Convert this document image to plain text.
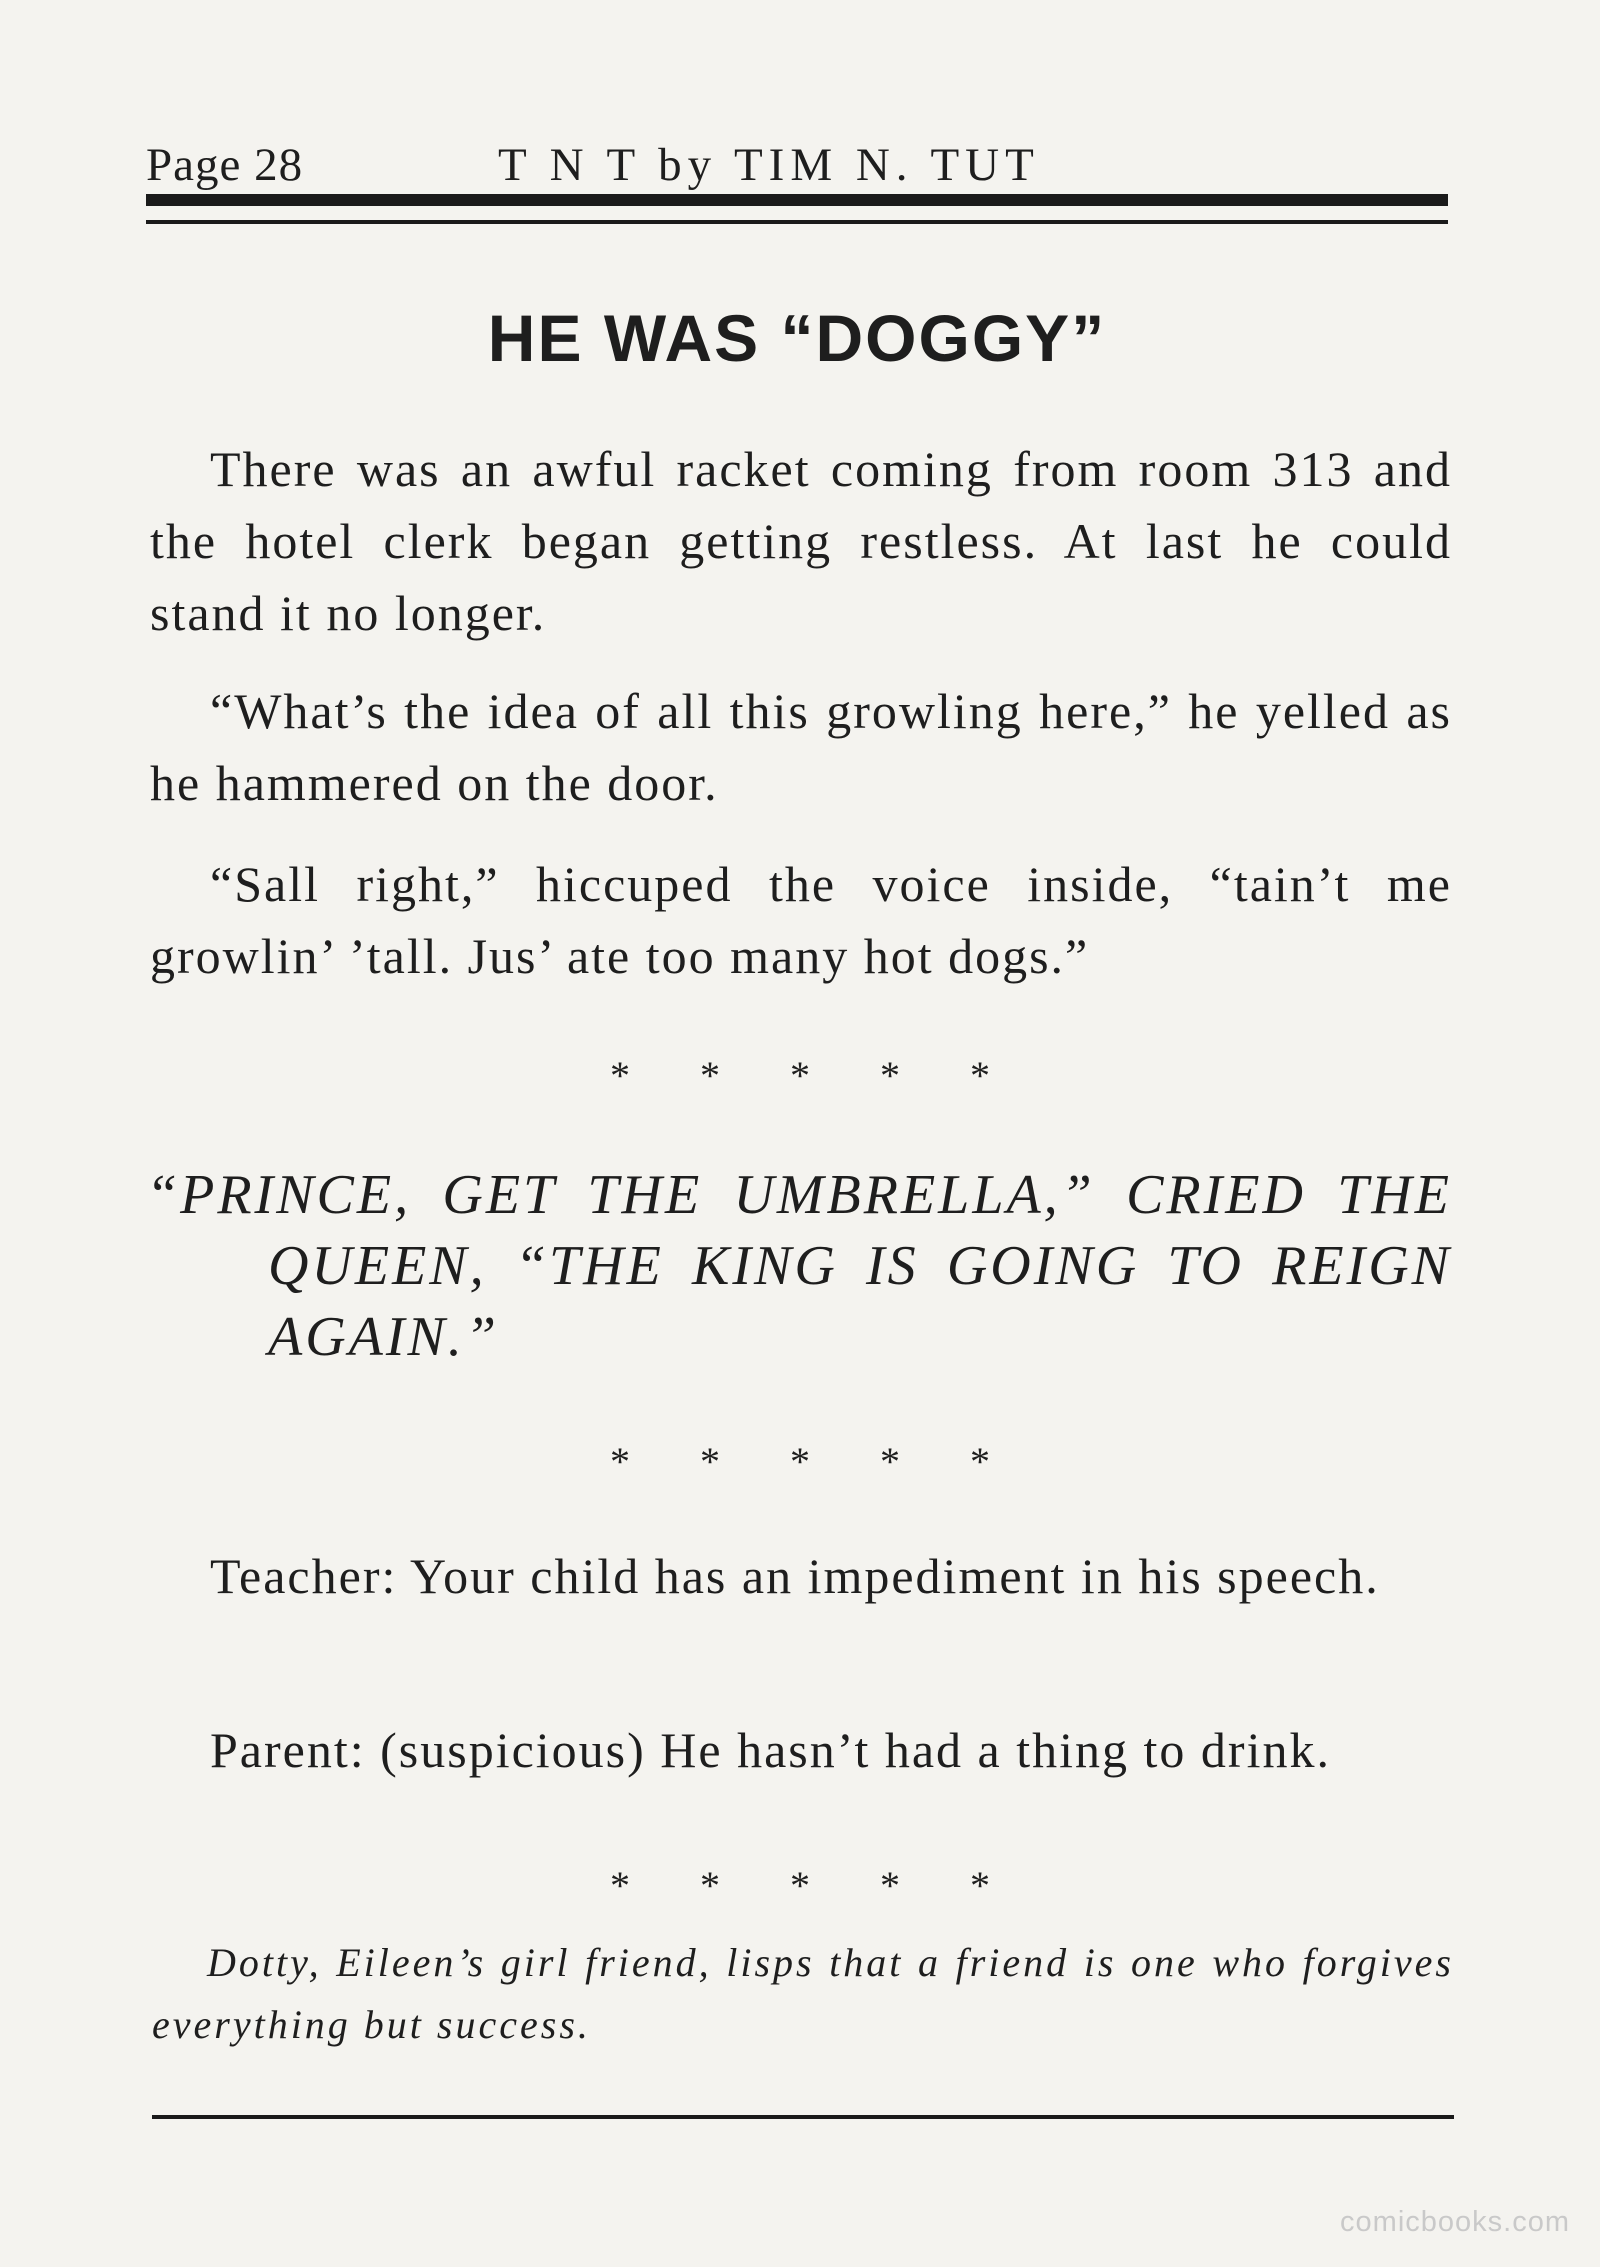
Page 28	T N T by TIM N. TUT
HE WAS “DOGGY”

There was an awful racket coming from room 313 and the hotel clerk began getting restless. At last he could stand it no longer.

“What’s the idea of all this growling here,” he yelled as he hammered on the door.

“Sall right,” hiccuped the voice inside, “tain’t me growlin’ ’tall. Jus’ ate too many hot dogs.”

* * * * *

“PRINCE, GET THE UMBRELLA,” CRIED THE QUEEN, “THE KING IS GOING TO REIGN AGAIN.”

* * * * *

Teacher: Your child has an impediment in his speech.

Parent: (suspicious) He hasn’t had a thing to drink.

* * * * *

Dotty, Eileen’s girl friend, lisps that a friend is one who forgives everything but success.

comicbooks.com
